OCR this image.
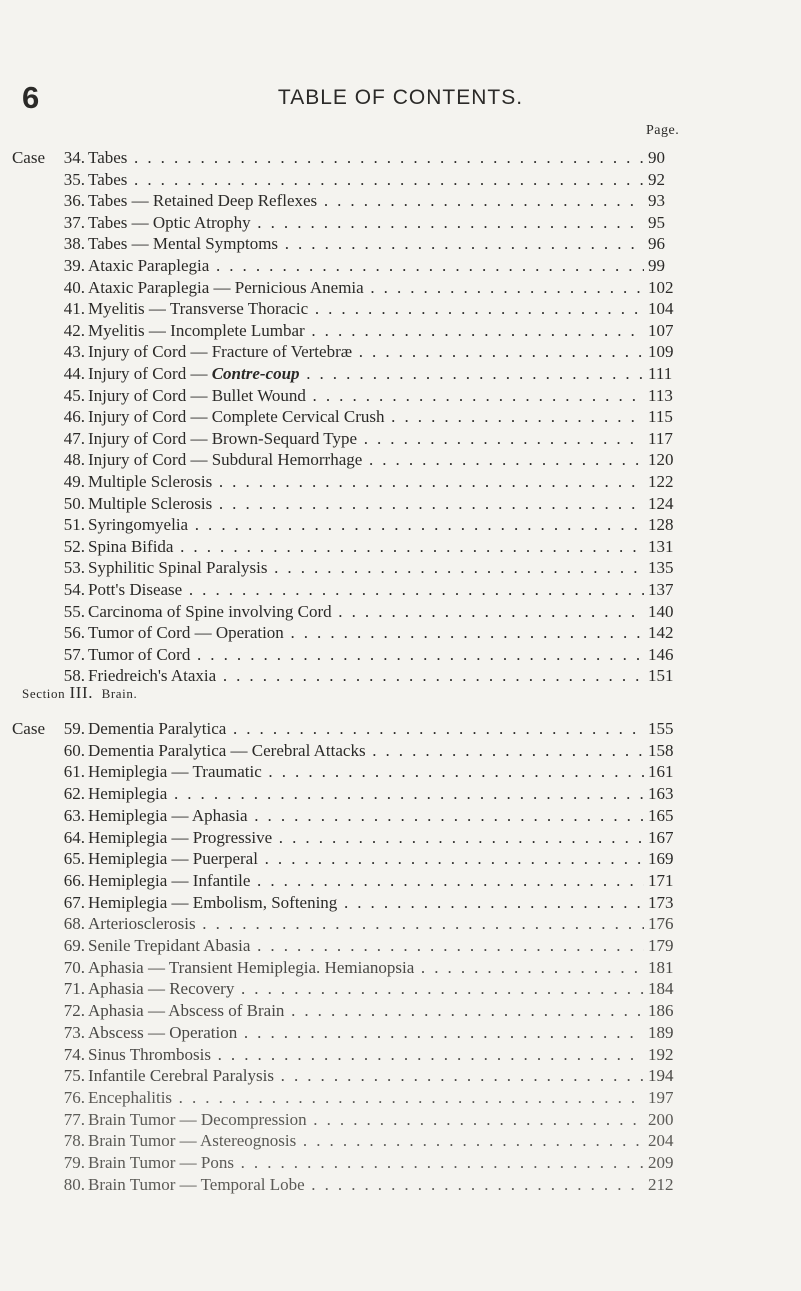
6	TABLE OF CONTENTS.
Page.
Section III. Brain.
Case	34. Tabes . . .	90
35. Tabes . . .	92
36. Tabes — Retained Deep Reflexes . . .	93
37. Tabes — Optic Atrophy . . .	95
38. Tabes — Mental Symptoms . . .	96
39. Ataxic Paraplegia . . .	99
40. Ataxic Paraplegia — Pernicious Anemia . . .	102
41. Myelitis — Transverse Thoracic . . .	104
42. Myelitis — Incomplete Lumbar . . .	107
43. Injury of Cord — Fracture of Vertebræ . . .	109
44. Injury of Cord — Contre-coup . . .	111
45. Injury of Cord — Bullet Wound . . .	113
46. Injury of Cord — Complete Cervical Crush . . .	115
47. Injury of Cord — Brown-Sequard Type . . .	117
48. Injury of Cord — Subdural Hemorrhage . . .	120
49. Multiple Sclerosis . . .	122
50. Multiple Sclerosis . . .	124
51. Syringomyelia . . .	128
52. Spina Bifida . . .	131
53. Syphilitic Spinal Paralysis . . .	135
54. Pott's Disease . . .	137
55. Carcinoma of Spine involving Cord . . .	140
56. Tumor of Cord — Operation . . .	142
57. Tumor of Cord . . .	146
58. Friedreich's Ataxia . . .	151
Case	59. Dementia Paralytica . . .	155
60. Dementia Paralytica — Cerebral Attacks . . .	158
61. Hemiplegia — Traumatic . . .	161
62. Hemiplegia . . .	163
63. Hemiplegia — Aphasia . . .	165
64. Hemiplegia — Progressive . . .	167
65. Hemiplegia — Puerperal . . .	169
66. Hemiplegia — Infantile . . .	171
67. Hemiplegia — Embolism, Softening . . .	173
68. Arteriosclerosis . . .	176
69. Senile Trepidant Abasia . . .	179
70. Aphasia — Transient Hemiplegia. Hemianopsia . . .	181
71. Aphasia — Recovery . . .	184
72. Aphasia — Abscess of Brain . . .	186
73. Abscess — Operation . . .	189
74. Sinus Thrombosis . . .	192
75. Infantile Cerebral Paralysis . . .	194
76. Encephalitis . . .	197
77. Brain Tumor — Decompression . . .	200
78. Brain Tumor — Astereognosis . . .	204
79. Brain Tumor — Pons . . .	209
80. Brain Tumor — Temporal Lobe . . .	212
